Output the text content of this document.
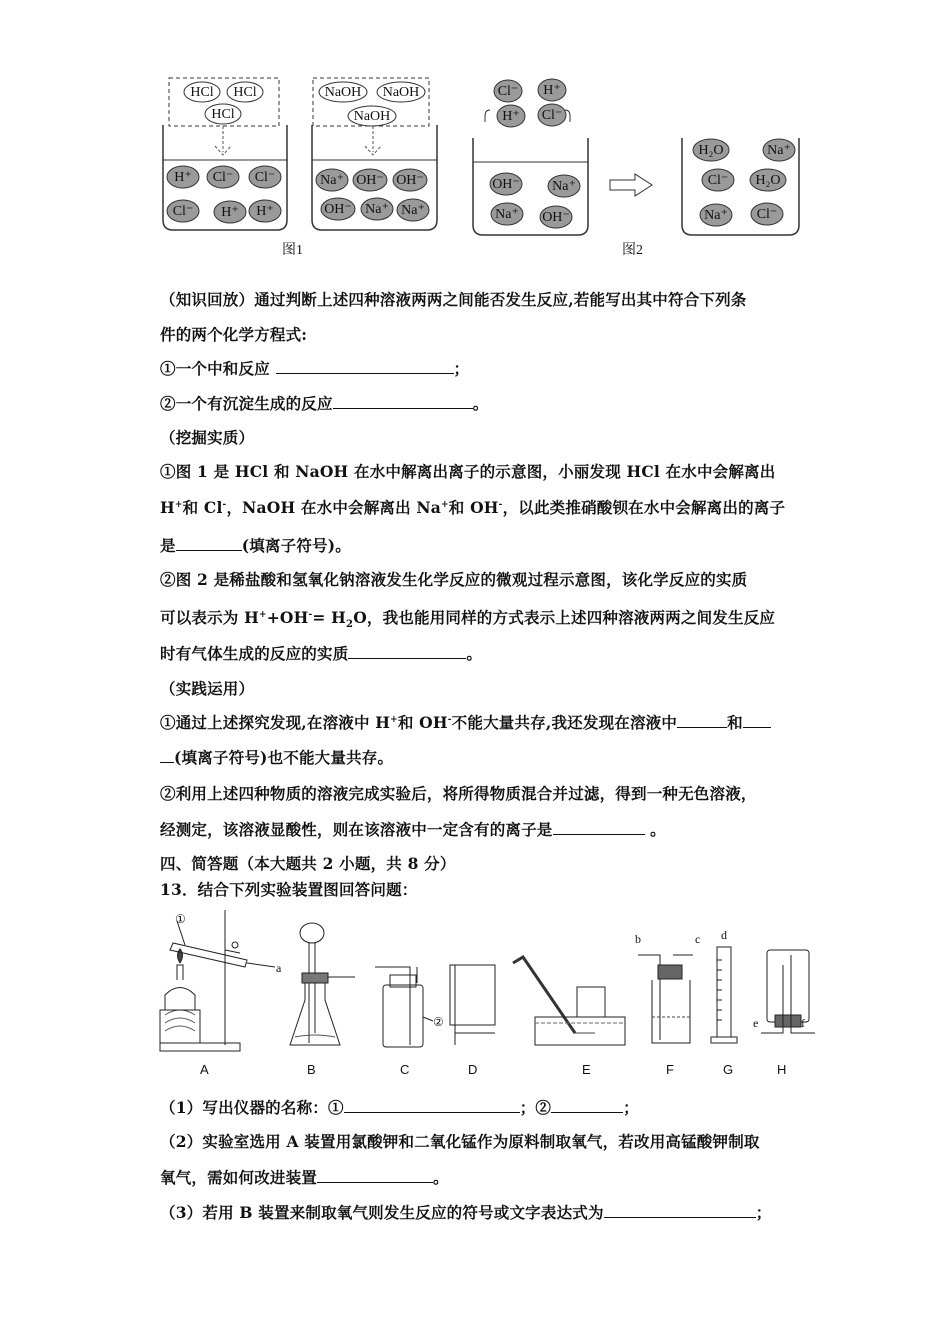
HCl HCl
HCl
H⁺ Cl⁻ Cl⁻
Cl⁻ H⁺ H⁺
NaOH NaOH
NaOH
Na⁺ OH⁻ OH⁻
OH⁻ Na⁺ Na⁺
Cl⁻ H⁺
H⁺ Cl⁻
OH⁻ Na⁺
Na⁺ OH⁻
H₂O	Na⁺
Cl⁻ H₂O
Na⁺ Cl⁻
图1	图2
（知识回放）通过判断上述四种溶液两两之间能否发生反应,若能写出其中符合下列条
件的两个化学方程式:
①一个中和反应	；
②一个有沉淀生成的反应	。
（挖掘实质）
①图 1 是 HCl 和 NaOH 在水中解离出离子的示意图，小丽发现 HCl 在水中会解离出
H+和 Cl-，NaOH 在水中会解离出 Na+和 OH-，以此类推硝酸钡在水中会解离出的离子
是	(填离子符号)。
②图 2 是稀盐酸和氢氧化钠溶液发生化学反应的微观过程示意图，该化学反应的实质
可以表示为 $H^++OH^-= H_2O$，我也能用同样的方式表示上述四种溶液两两之间发生反应
时有气体生成的反应的实质	。
（实践运用）
①通过上述探究发现,在溶液中 H+和 OH-不能大量共存,我还发现在溶液中	和
(填离子符号)也不能大量共存。
②利用上述四种物质的溶液完成实验后，将所得物质混合并过滤，得到一种无色溶液，
经测定，该溶液显酸性，则在该溶液中一定含有的离子是	。
四、简答题（本大题共 2 小题，共 8 分）
13．结合下列实验装置图回答问题：
①
a
②
b	c d
e	f
A	B	C	D	E	F	G	H
（1）写出仪器的名称：①	；②	；
（2）实验室选用 A 装置用氯酸钾和二氧化锰作为原料制取氧气，若改用高锰酸钾制取
氧气，需如何改进装置	。
（3）若用 B 装置来制取氧气则发生反应的符号或文字表达式为	；
